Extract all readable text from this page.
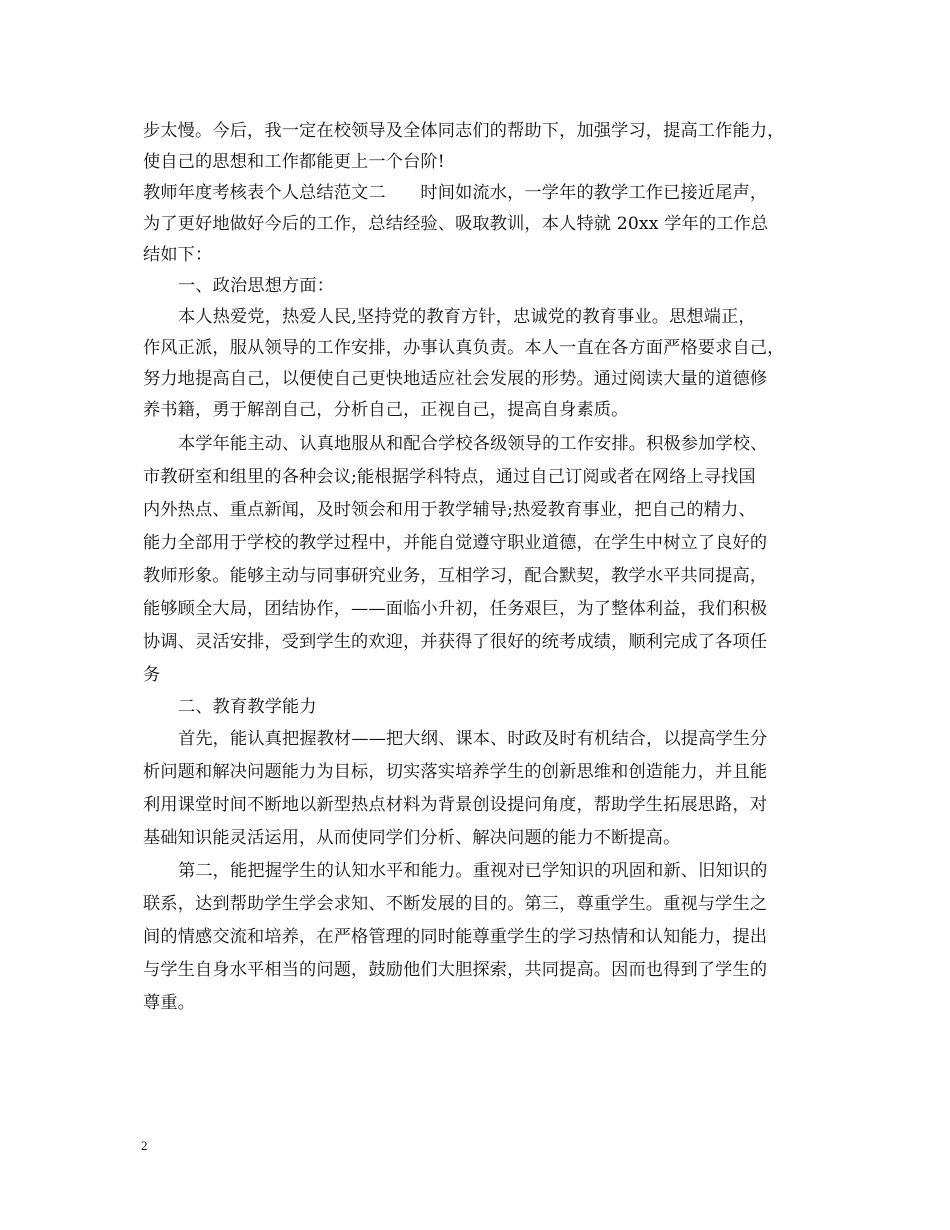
步太慢。今后，我一定在校领导及全体同志们的帮助下，加强学习，提高工作能力，
使自己的思想和工作都能更上一个台阶!
教师年度考核表个人总结范文二　　时间如流水，一学年的教学工作已接近尾声，
为了更好地做好今后的工作，总结经验、吸取教训，本人特就 20xx 学年的工作总
结如下：
一、政治思想方面：
本人热爱党，热爱人民,坚持党的教育方针，忠诚党的教育事业。思想端正，
作风正派，服从领导的工作安排，办事认真负责。本人一直在各方面严格要求自己，
努力地提高自己，以便使自己更快地适应社会发展的形势。通过阅读大量的道德修
养书籍，勇于解剖自己，分析自己，正视自己，提高自身素质。
本学年能主动、认真地服从和配合学校各级领导的工作安排。积极参加学校、
市教研室和组里的各种会议;能根据学科特点，通过自己订阅或者在网络上寻找国
内外热点、重点新闻，及时领会和用于教学辅导;热爱教育事业，把自己的精力、
能力全部用于学校的教学过程中，并能自觉遵守职业道德，在学生中树立了良好的
教师形象。能够主动与同事研究业务，互相学习，配合默契，教学水平共同提高，
能够顾全大局，团结协作，——面临小升初，任务艰巨，为了整体利益，我们积极
协调、灵活安排，受到学生的欢迎，并获得了很好的统考成绩，顺利完成了各项任
务
二、教育教学能力
首先，能认真把握教材——把大纲、课本、时政及时有机结合，以提高学生分
析问题和解决问题能力为目标，切实落实培养学生的创新思维和创造能力，并且能
利用课堂时间不断地以新型热点材料为背景创设提问角度，帮助学生拓展思路，对
基础知识能灵活运用，从而使同学们分析、解决问题的能力不断提高。
第二，能把握学生的认知水平和能力。重视对已学知识的巩固和新、旧知识的
联系，达到帮助学生学会求知、不断发展的目的。第三，尊重学生。重视与学生之
间的情感交流和培养，在严格管理的同时能尊重学生的学习热情和认知能力，提出
与学生自身水平相当的问题，鼓励他们大胆探索，共同提高。因而也得到了学生的
尊重。
2
